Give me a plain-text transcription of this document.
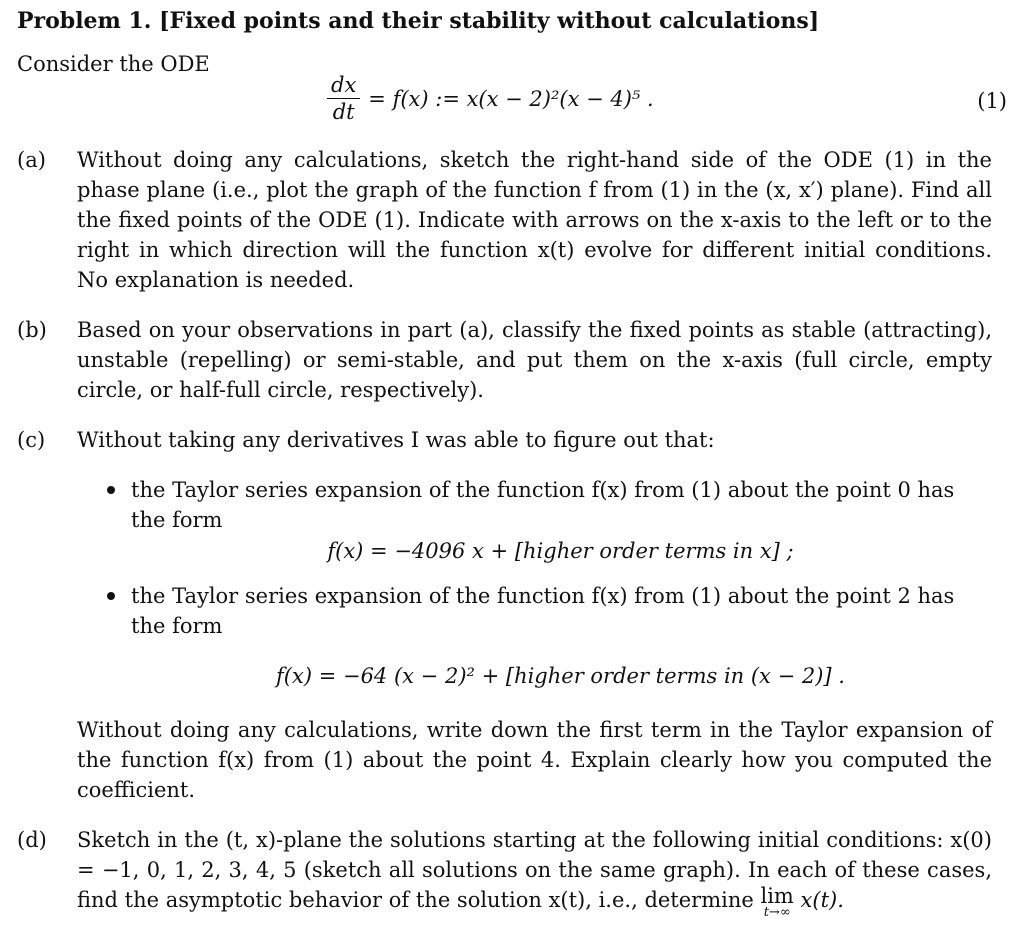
Problem 1. [Fixed points and their stability without calculations]
Consider the ODE
$\frac{dx}{dt} = f(x)$ := x(x − 2)²(x − 4)⁵ .	(1)
(a) Without doing any calculations, sketch the right-hand side of the ODE (1) in the phase plane (i.e., plot the graph of the function f from (1) in the (x, x′) plane). Find all the fixed points of the ODE (1). Indicate with arrows on the x-axis to the left or to the right in which direction will the function x(t) evolve for different initial conditions. No explanation is needed.
(b) Based on your observations in part (a), classify the fixed points as stable (attracting), unstable (repelling) or semi-stable, and put them on the x-axis (full circle, empty circle, or half-full circle, respectively).
(c) Without taking any derivatives I was able to figure out that:
the Taylor series expansion of the function f(x) from (1) about the point 0 has the form
f(x) = −4096 x + [higher order terms in x] ;
the Taylor series expansion of the function f(x) from (1) about the point 2 has the form
f(x) = −64 (x − 2)² + [higher order terms in (x − 2)] .
Without doing any calculations, write down the first term in the Taylor expansion of the function f(x) from (1) about the point 4. Explain clearly how you computed the coefficient.
(d) Sketch in the (t, x)-plane the solutions starting at the following initial conditions: x(0) = −1, 0, 1, 2, 3, 4, 5 (sketch all solutions on the same graph). In each of these cases, find the asymptotic behavior of the solution x(t), i.e., determine lim
t→∞
x(t).
